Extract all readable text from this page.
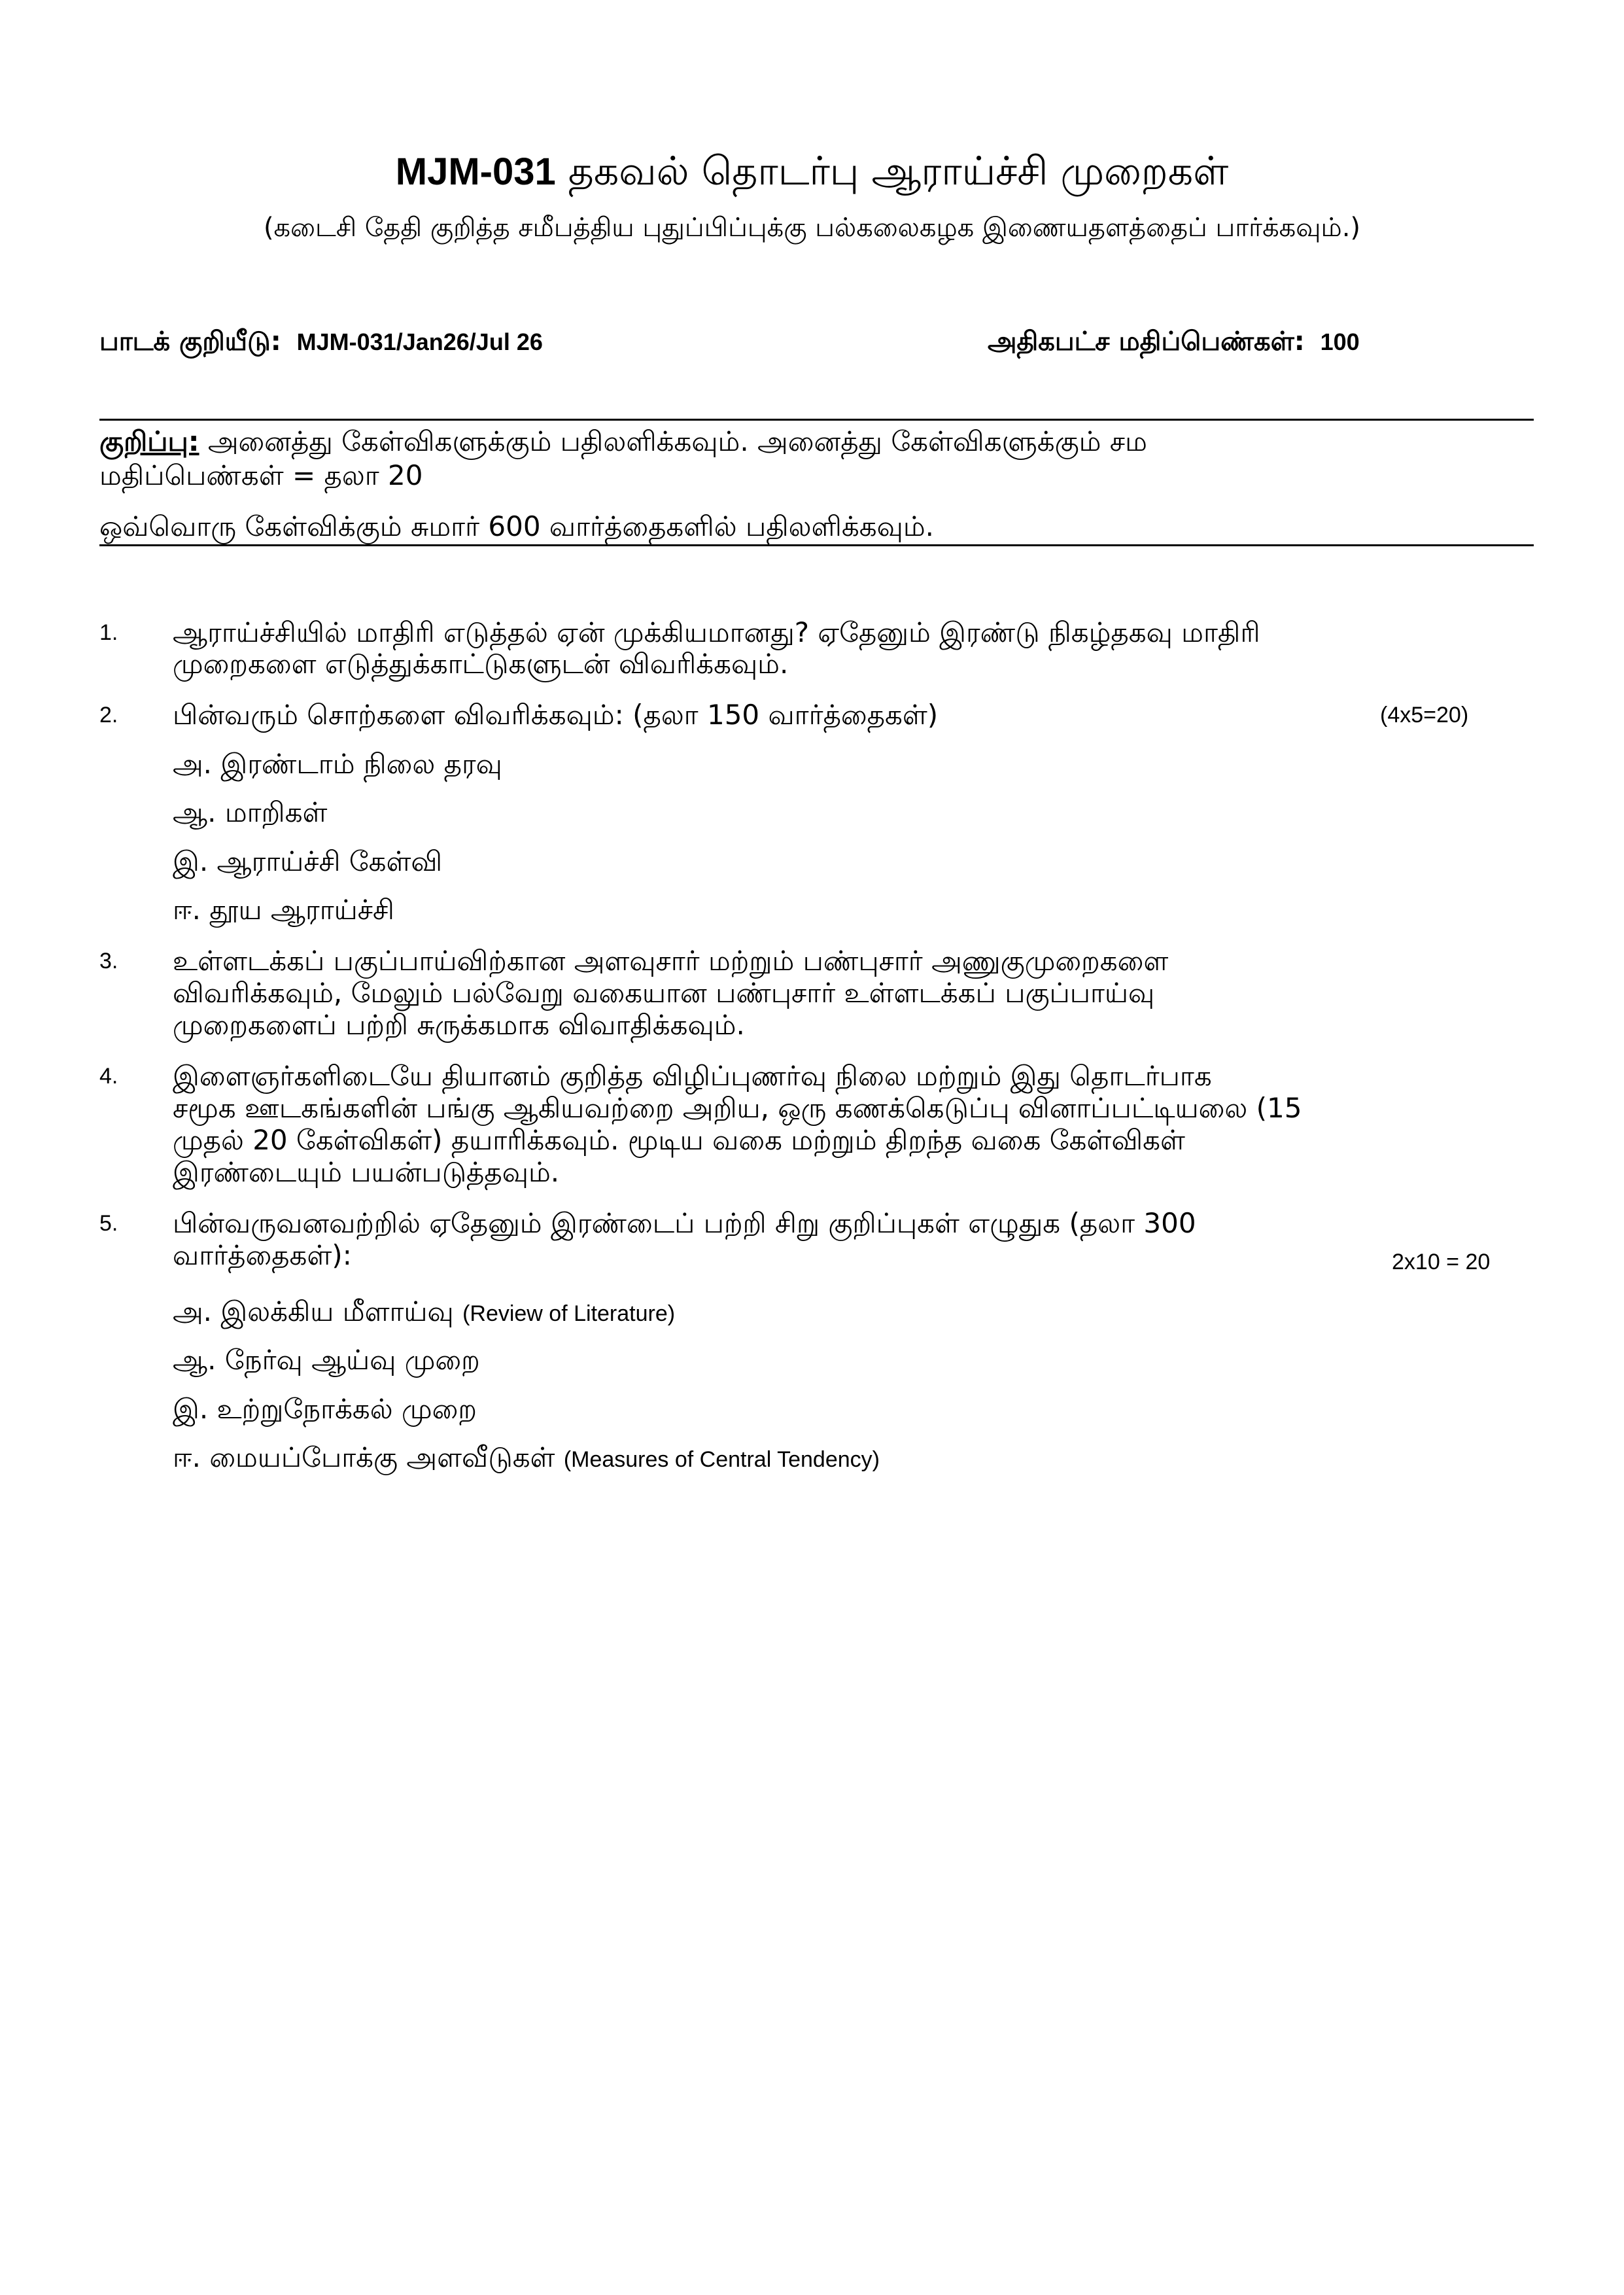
MJM-031 தகவல் தொடர்பு ஆராய்ச்சி முறைகள்
(கடைசி தேதி குறித்த சமீபத்திய புதுப்பிப்புக்கு பல்கலைகழக இணையதளத்தைப் பார்க்கவும்.)
பாடக் குறியீடு: MJM-031/Jan26/Jul 26	அதிகபட்ச மதிப்பெண்கள்: 100
குறிப்பு: அனைத்து கேள்விகளுக்கும் பதிலளிக்கவும். அனைத்து கேள்விகளுக்கும் சம
மதிப்பெண்கள் = தலா 20
ஒவ்வொரு கேள்விக்கும் சுமார் 600 வார்த்தைகளில் பதிலளிக்கவும்.
1. ஆராய்ச்சியில் மாதிரி எடுத்தல் ஏன் முக்கியமானது? ஏதேனும் இரண்டு நிகழ்தகவு மாதிரி
முறைகளை எடுத்துக்காட்டுகளுடன் விவரிக்கவும்.
2. பின்வரும் சொற்களை விவரிக்கவும்: (தலா 150 வார்த்தைகள்)	(4x5=20)
அ. இரண்டாம் நிலை தரவு
ஆ. மாறிகள்
இ. ஆராய்ச்சி கேள்வி
ஈ. தூய ஆராய்ச்சி
3. உள்ளடக்கப் பகுப்பாய்விற்கான அளவுசார் மற்றும் பண்புசார் அணுகுமுறைகளை
விவரிக்கவும், மேலும் பல்வேறு வகையான பண்புசார் உள்ளடக்கப் பகுப்பாய்வு
முறைகளைப் பற்றி சுருக்கமாக விவாதிக்கவும்.
4. இளைஞர்களிடையே தியானம் குறித்த விழிப்புணர்வு நிலை மற்றும் இது தொடர்பாக
சமூக ஊடகங்களின் பங்கு ஆகியவற்றை அறிய, ஒரு கணக்கெடுப்பு வினாப்பட்டியலை (15
முதல் 20 கேள்விகள்) தயாரிக்கவும். மூடிய வகை மற்றும் திறந்த வகை கேள்விகள்
இரண்டையும் பயன்படுத்தவும்.
5. பின்வருவனவற்றில் ஏதேனும் இரண்டைப் பற்றி சிறு குறிப்புகள் எழுதுக (தலா 300
வார்த்தைகள்):	2x10 = 20
அ. இலக்கிய மீளாய்வு (Review of Literature)
ஆ. நேர்வு ஆய்வு முறை
இ. உற்றுநோக்கல் முறை
ஈ. மையப்போக்கு அளவீடுகள் (Measures of Central Tendency)
